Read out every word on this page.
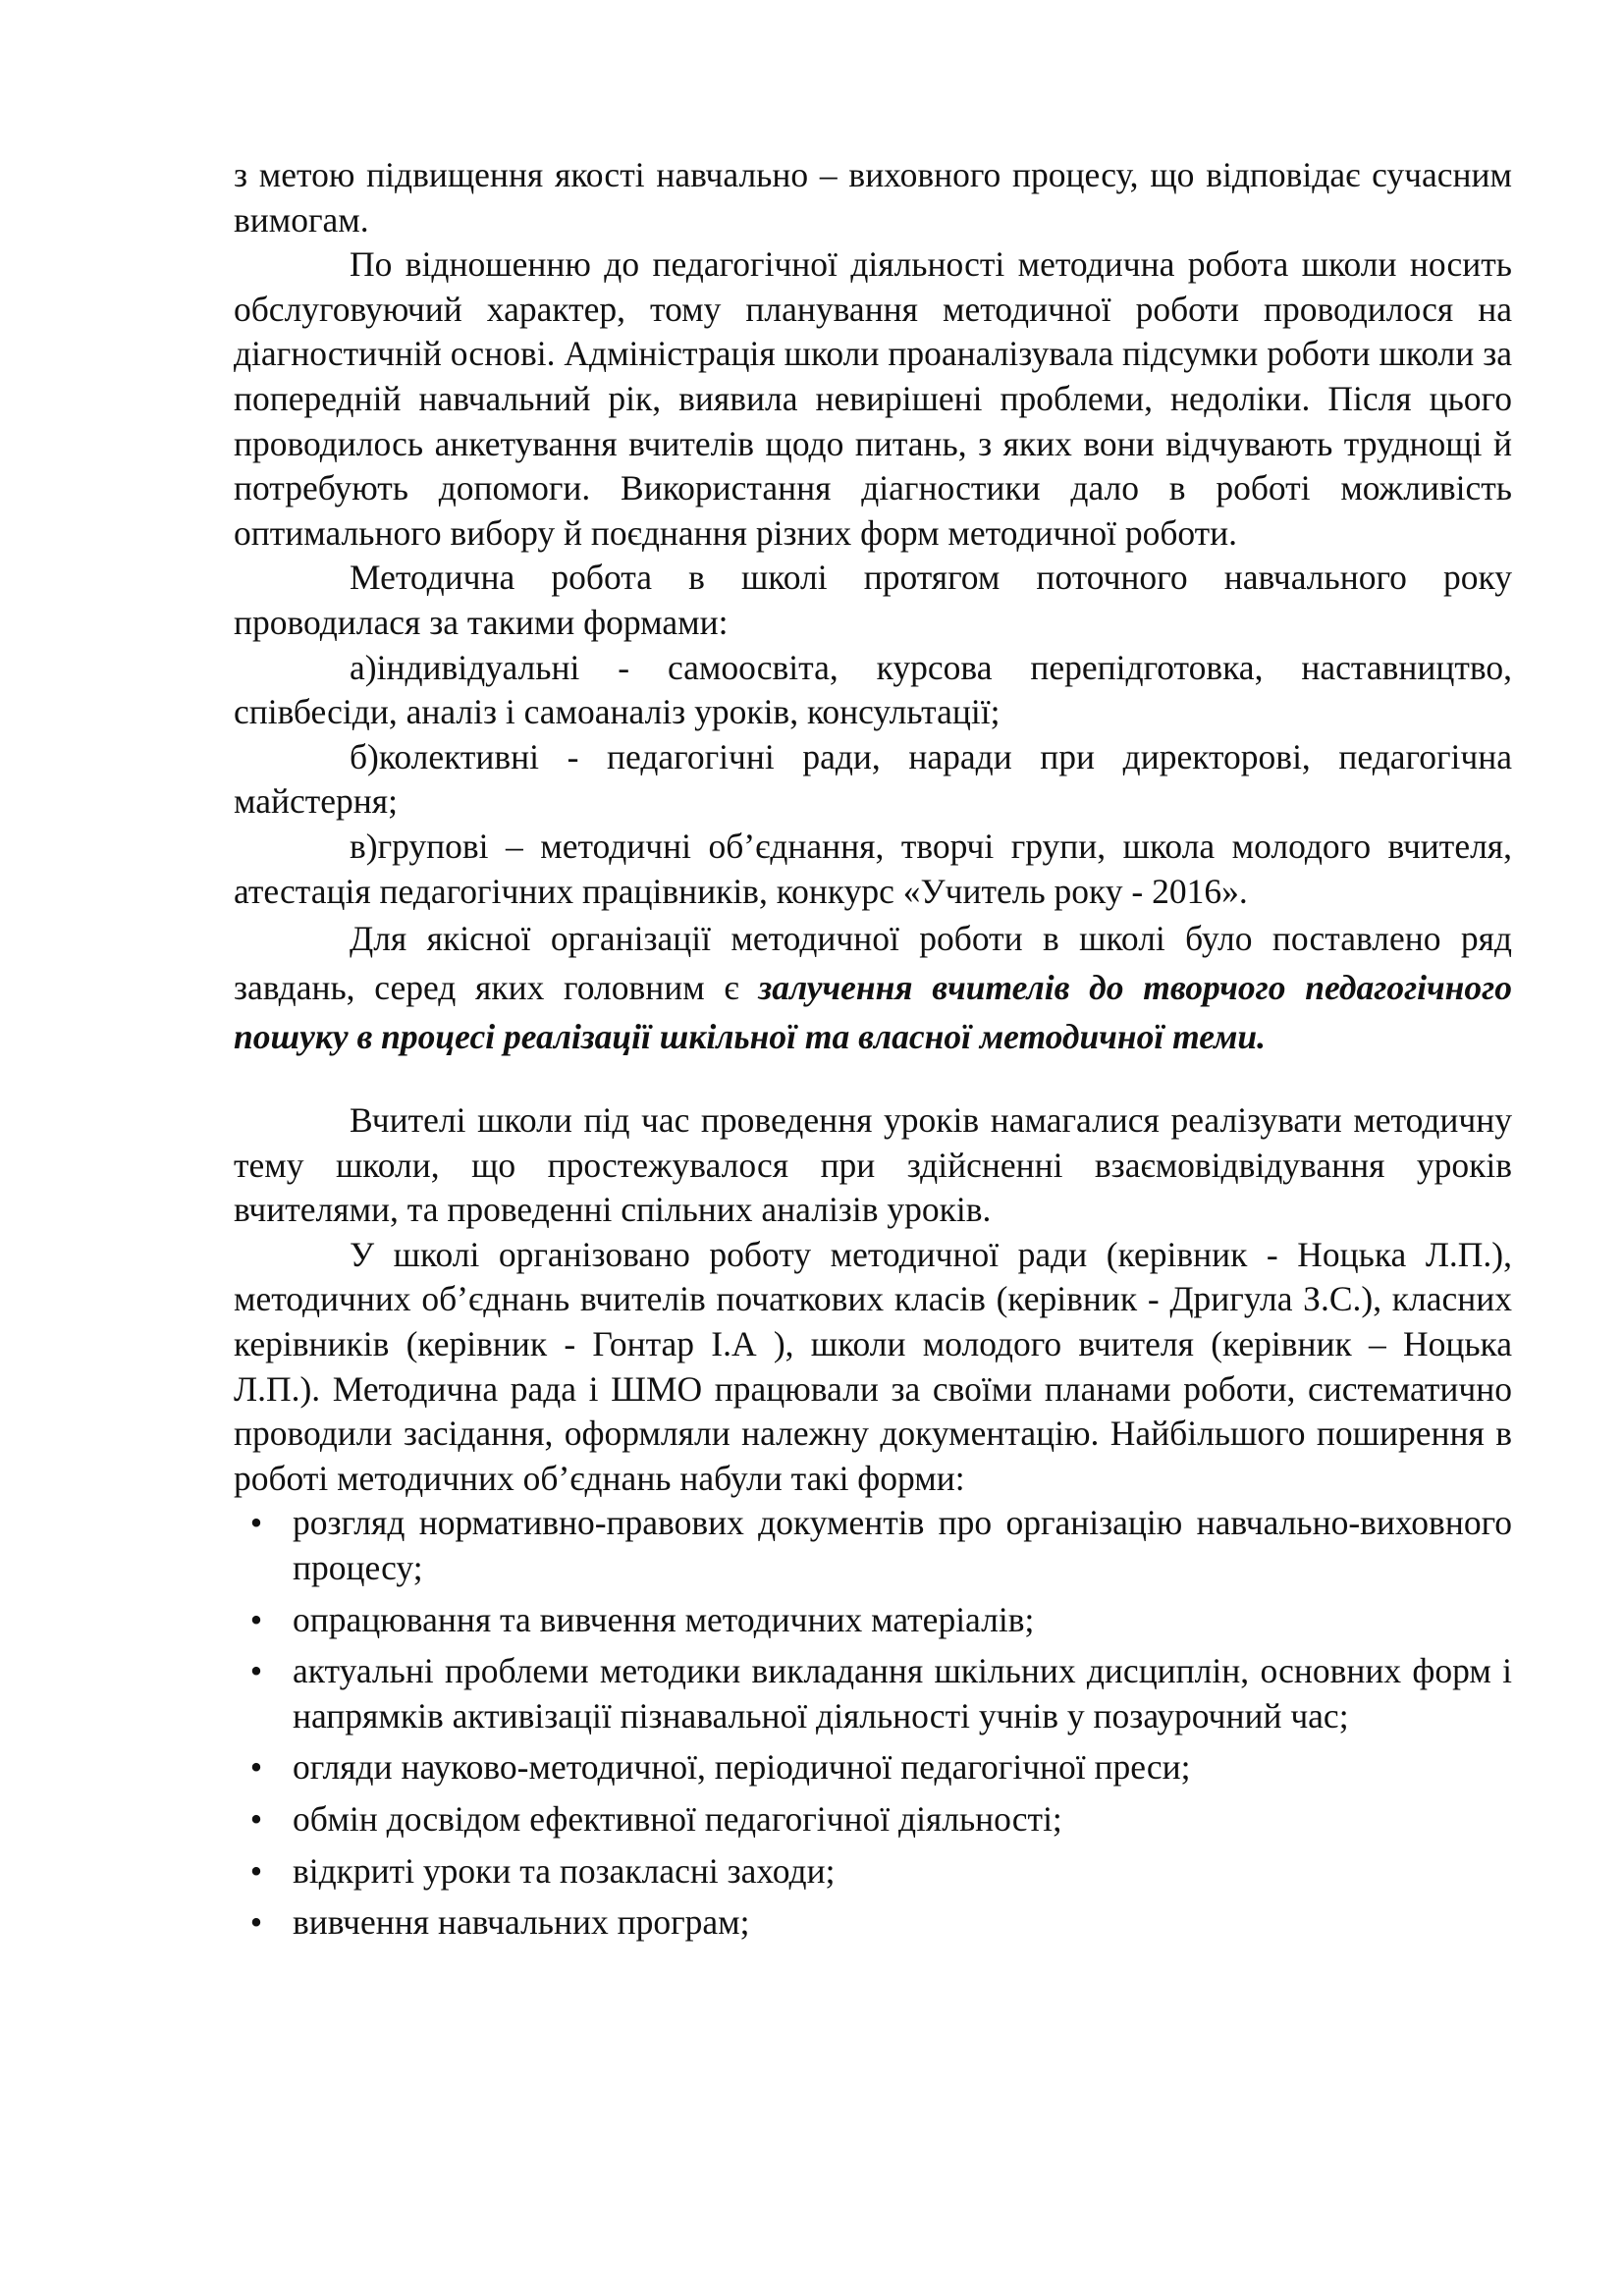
з метою підвищення якості навчально – виховного процесу, що відповідає сучасним вимогам.

По відношенню до педагогічної діяльності методична робота школи носить обслуговуючий характер, тому планування методичної роботи проводилося на діагностичній основі. Адміністрація школи проаналізувала підсумки роботи школи за попередній навчальний рік, виявила невирішені проблеми, недоліки. Після цього проводилось анкетування вчителів щодо питань, з яких вони відчувають труднощі й потребують допомоги. Використання діагностики дало в роботі можливість оптимального вибору й поєднання різних форм методичної роботи.

Методична робота в школі протягом поточного навчального року проводилася за такими формами:

а)індивідуальні - самоосвіта, курсова перепідготовка, наставництво, співбесіди, аналіз і самоаналіз уроків, консультації;

б)колективні - педагогічні ради, наради при директорові, педагогічна майстерня;

в)групові – методичні об’єднання, творчі групи, школа молодого вчителя, атестація педагогічних працівників, конкурс «Учитель року - 2016».

Для якісної організації методичної роботи в школі було поставлено ряд завдань, серед яких головним є залучення вчителів до творчого педагогічного пошуку в процесі реалізації шкільної та власної методичної теми.

Вчителі школи під час проведення уроків намагалися реалізувати методичну тему школи, що простежувалося при здійсненні взаємовідвідування уроків вчителями, та проведенні спільних аналізів уроків.

У школі організовано роботу методичної ради (керівник - Ноцька Л.П.), методичних об’єднань вчителів початкових класів (керівник - Дригула З.С.), класних керівників (керівник - Гонтар І.А ), школи молодого вчителя (керівник – Ноцька Л.П.). Методична рада і ШМО працювали за своїми планами роботи, систематично проводили засідання, оформляли належну документацію. Найбільшого поширення в роботі методичних об’єднань набули такі форми:

• розгляд нормативно-правових документів про організацію навчально-виховного процесу;
• опрацювання та вивчення методичних матеріалів;
• актуальні проблеми методики викладання шкільних дисциплін, основних форм і напрямків активізації пізнавальної діяльності учнів у позаурочний час;
• огляди науково-методичної, періодичної педагогічної преси;
• обмін досвідом ефективної педагогічної діяльності;
• відкриті уроки та позакласні заходи;
• вивчення навчальних програм;
